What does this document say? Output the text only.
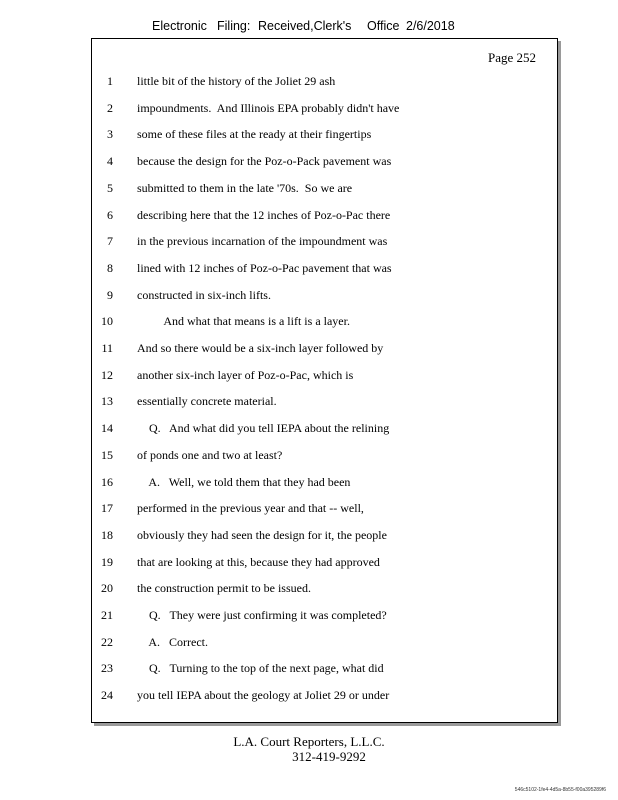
Electronic Filing: Received,Clerk's Office 2/6/2018
Page 252
1 little bit of the history of the Joliet 29 ash
2 impoundments.  And Illinois EPA probably didn't have
3 some of these files at the ready at their fingertips
4 because the design for the Poz-o-Pack pavement was
5 submitted to them in the late '70s.  So we are
6 describing here that the 12 inches of Poz-o-Pac there
7 in the previous incarnation of the impoundment was
8 lined with 12 inches of Poz-o-Pac pavement that was
9 constructed in six-inch lifts.
10 And what that means is a lift is a layer.
11 And so there would be a six-inch layer followed by
12 another six-inch layer of Poz-o-Pac, which is
13 essentially concrete material.
14 Q.   And what did you tell IEPA about the relining
15 of ponds one and two at least?
16 A.   Well, we told them that they had been
17 performed in the previous year and that -- well,
18 obviously they had seen the design for it, the people
19 that are looking at this, because they had approved
20 the construction permit to be issued.
21 Q.   They were just confirming it was completed?
22 A.   Correct.
23 Q.   Turning to the top of the next page, what did
24 you tell IEPA about the geology at Joliet 29 or under
L.A. Court Reporters, L.L.C.
312-419-9292
546c5102-1fe4-4d5a-8b55-f00a395289f6
